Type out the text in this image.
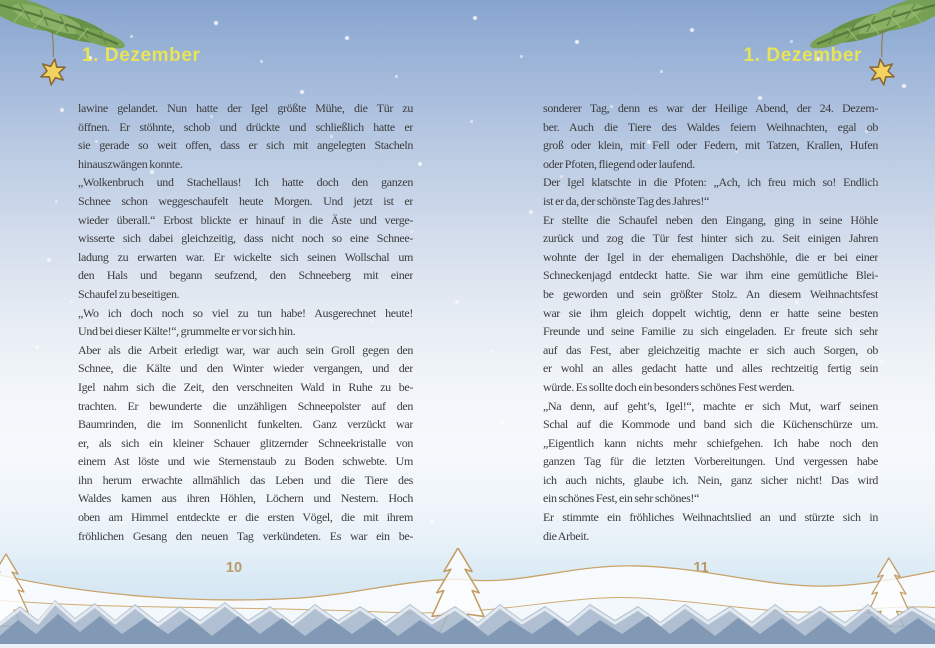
1. Dezember	1. Dezember
lawine gelandet. Nun hatte der Igel größte Mühe, die Tür zu
öffnen. Er stöhnte, schob und drückte und schließlich hatte er
sie gerade so weit offen, dass er sich mit angelegten Stacheln
hinauszwängen konnte.
„Wolkenbruch und Stachellaus! Ich hatte doch den ganzen
Schnee schon weggeschaufelt heute Morgen. Und jetzt ist er
wieder überall.“ Erbost blickte er hinauf in die Äste und verge-
wisserte sich dabei gleichzeitig, dass nicht noch so eine Schnee-
ladung zu erwarten war. Er wickelte sich seinen Wollschal um
den Hals und begann seufzend, den Schneeberg mit einer
Schaufel zu beseitigen.
„Wo ich doch noch so viel zu tun habe! Ausgerechnet heute!
Und bei dieser Kälte!“, grummelte er vor sich hin.
Aber als die Arbeit erledigt war, war auch sein Groll gegen den
Schnee, die Kälte und den Winter wieder vergangen, und der
Igel nahm sich die Zeit, den verschneiten Wald in Ruhe zu be-
trachten. Er bewunderte die unzähligen Schneepolster auf den
Baumrinden, die im Sonnenlicht funkelten. Ganz verzückt war
er, als sich ein kleiner Schauer glitzernder Schneekristalle von
einem Ast löste und wie Sternenstaub zu Boden schwebte. Um
ihn herum erwachte allmählich das Leben und die Tiere des
Waldes kamen aus ihren Höhlen, Löchern und Nestern. Hoch
oben am Himmel entdeckte er die ersten Vögel, die mit ihrem
fröhlichen Gesang den neuen Tag verkündeten. Es war ein be-
sonderer Tag, denn es war der Heilige Abend, der 24. Dezem-
ber. Auch die Tiere des Waldes feiern Weihnachten, egal ob
groß oder klein, mit Fell oder Federn, mit Tatzen, Krallen, Hufen
oder Pfoten, fliegend oder laufend.
Der Igel klatschte in die Pfoten: „Ach, ich freu mich so! Endlich
ist er da, der schönste Tag des Jahres!“
Er stellte die Schaufel neben den Eingang, ging in seine Höhle
zurück und zog die Tür fest hinter sich zu. Seit einigen Jahren
wohnte der Igel in der ehemaligen Dachshöhle, die er bei einer
Schneckenjagd entdeckt hatte. Sie war ihm eine gemütliche Blei-
be geworden und sein größter Stolz. An diesem Weihnachtsfest
war sie ihm gleich doppelt wichtig, denn er hatte seine besten
Freunde und seine Familie zu sich eingeladen. Er freute sich sehr
auf das Fest, aber gleichzeitig machte er sich auch Sorgen, ob
er wohl an alles gedacht hatte und alles rechtzeitig fertig sein
würde. Es sollte doch ein besonders schönes Fest werden.
„Na denn, auf geht’s, Igel!“, machte er sich Mut, warf seinen
Schal auf die Kommode und band sich die Küchenschürze um.
„Eigentlich kann nichts mehr schiefgehen. Ich habe noch den
ganzen Tag für die letzten Vorbereitungen. Und vergessen habe
ich auch nichts, glaube ich. Nein, ganz sicher nicht! Das wird
ein schönes Fest, ein sehr schönes!“
Er stimmte ein fröhliches Weihnachtslied an und stürzte sich in
die Arbeit.
